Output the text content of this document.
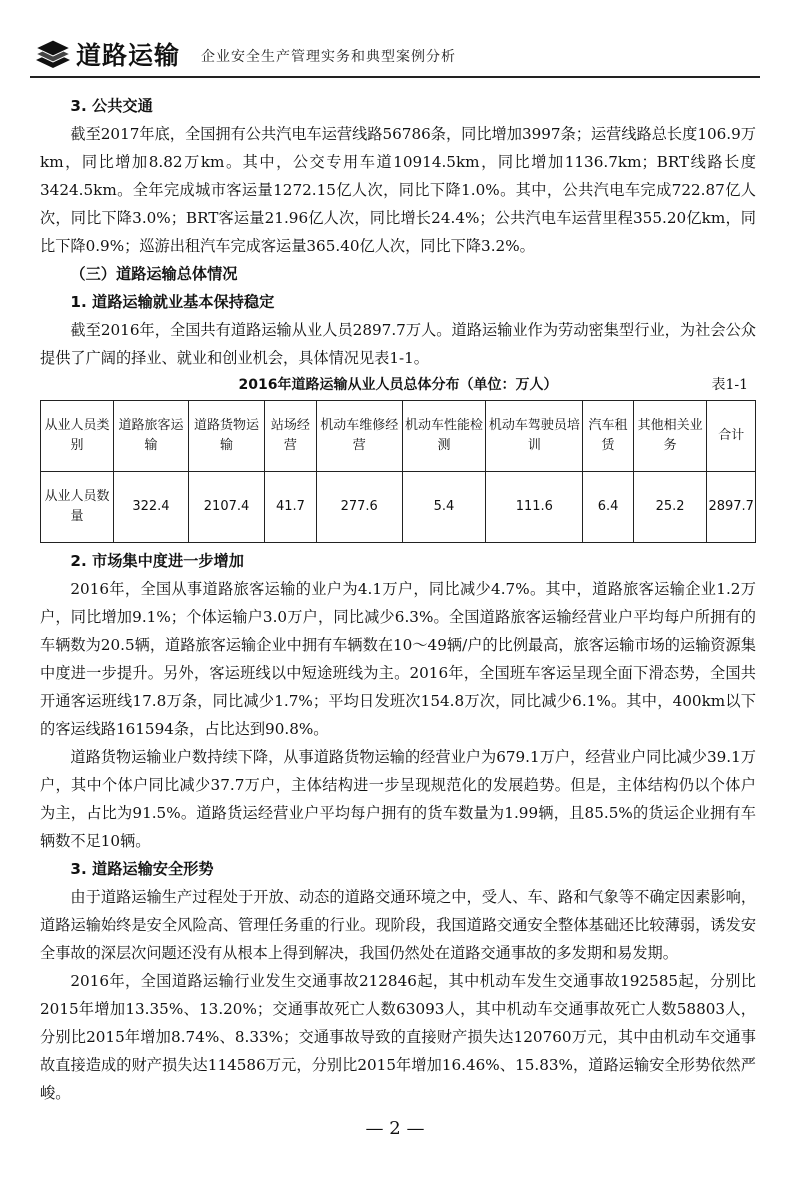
道路运输 企业安全生产管理实务和典型案例分析
3. 公共交通

截至2017年底，全国拥有公共汽电车运营线路56786条，同比增加3997条；运营线路总长度106.9万km，同比增加8.82万km。其中，公交专用车道10914.5km，同比增加1136.7km；BRT线路长度3424.5km。全年完成城市客运量1272.15亿人次，同比下降1.0%。其中，公共汽电车完成722.87亿人次，同比下降3.0%；BRT客运量21.96亿人次，同比增长24.4%；公共汽电车运营里程355.20亿km，同比下降0.9%；巡游出租汽车完成客运量365.40亿人次，同比下降3.2%。

（三）道路运输总体情况
1. 道路运输就业基本保持稳定

截至2016年，全国共有道路运输从业人员2897.7万人。道路运输业作为劳动密集型行业，为社会公众提供了广阔的择业、就业和创业机会，具体情况见表1-1。

2016年道路运输从业人员总体分布（单位：万人）	表1-1
从业人员类别	道路旅客运输	道路货物运输	站场经营	机动车维修经营	机动车性能检测	机动车驾驶员培训	汽车租赁	其他相关业务	合计
从业人员数量	322.4	2107.4	41.7	277.6	5.4	111.6	6.4	25.2	2897.7
2. 市场集中度进一步增加

2016年，全国从事道路旅客运输的业户为4.1万户，同比减少4.7%。其中，道路旅客运输企业1.2万户，同比增加9.1%；个体运输户3.0万户，同比减少6.3%。全国道路旅客运输经营业户平均每户所拥有的车辆数为20.5辆，道路旅客运输企业中拥有车辆数在10～49辆/户的比例最高，旅客运输市场的运输资源集中度进一步提升。另外，客运班线以中短途班线为主。2016年，全国班车客运呈现全面下滑态势，全国共开通客运班线17.8万条，同比减少1.7%；平均日发班次154.8万次，同比减少6.1%。其中，400km以下的客运线路161594条，占比达到90.8%。

道路货物运输业户数持续下降，从事道路货物运输的经营业户为679.1万户，经营业户同比减少39.1万户，其中个体户同比减少37.7万户，主体结构进一步呈现规范化的发展趋势。但是，主体结构仍以个体户为主，占比为91.5%。道路货运经营业户平均每户拥有的货车数量为1.99辆，且85.5%的货运企业拥有车辆数不足10辆。

3. 道路运输安全形势

由于道路运输生产过程处于开放、动态的道路交通环境之中，受人、车、路和气象等不确定因素影响，道路运输始终是安全风险高、管理任务重的行业。现阶段，我国道路交通安全整体基础还比较薄弱，诱发安全事故的深层次问题还没有从根本上得到解决，我国仍然处在道路交通事故的多发期和易发期。

2016年，全国道路运输行业发生交通事故212846起，其中机动车发生交通事故192585起，分别比2015年增加13.35%、13.20%；交通事故死亡人数63093人，其中机动车交通事故死亡人数58803人，分别比2015年增加8.74%、8.33%；交通事故导致的直接财产损失达120760万元，其中由机动车交通事故直接造成的财产损失达114586万元，分别比2015年增加16.46%、15.83%，道路运输安全形势依然严峻。

— 2 —
